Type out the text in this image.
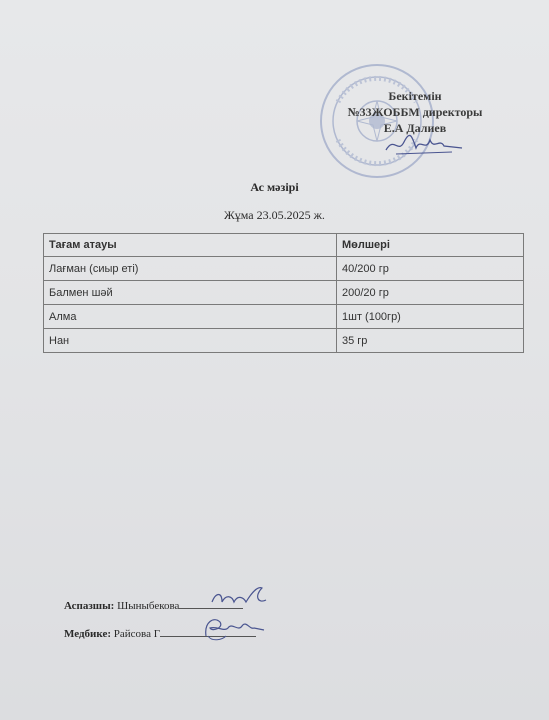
Бекітемін
№33ЖОББМ директоры
Е.А Далиев
Ас мәзірі
Жұма 23.05.2025 ж.
Тағам атауы	Мөлшері
Лағман (сиыр еті)	40/200 гр
Балмен шәй	200/20 гр
Алма	1шт (100гр)
Нан	35 гр
Аспазшы: Шыныбекова
Медбике: Райсова Г
